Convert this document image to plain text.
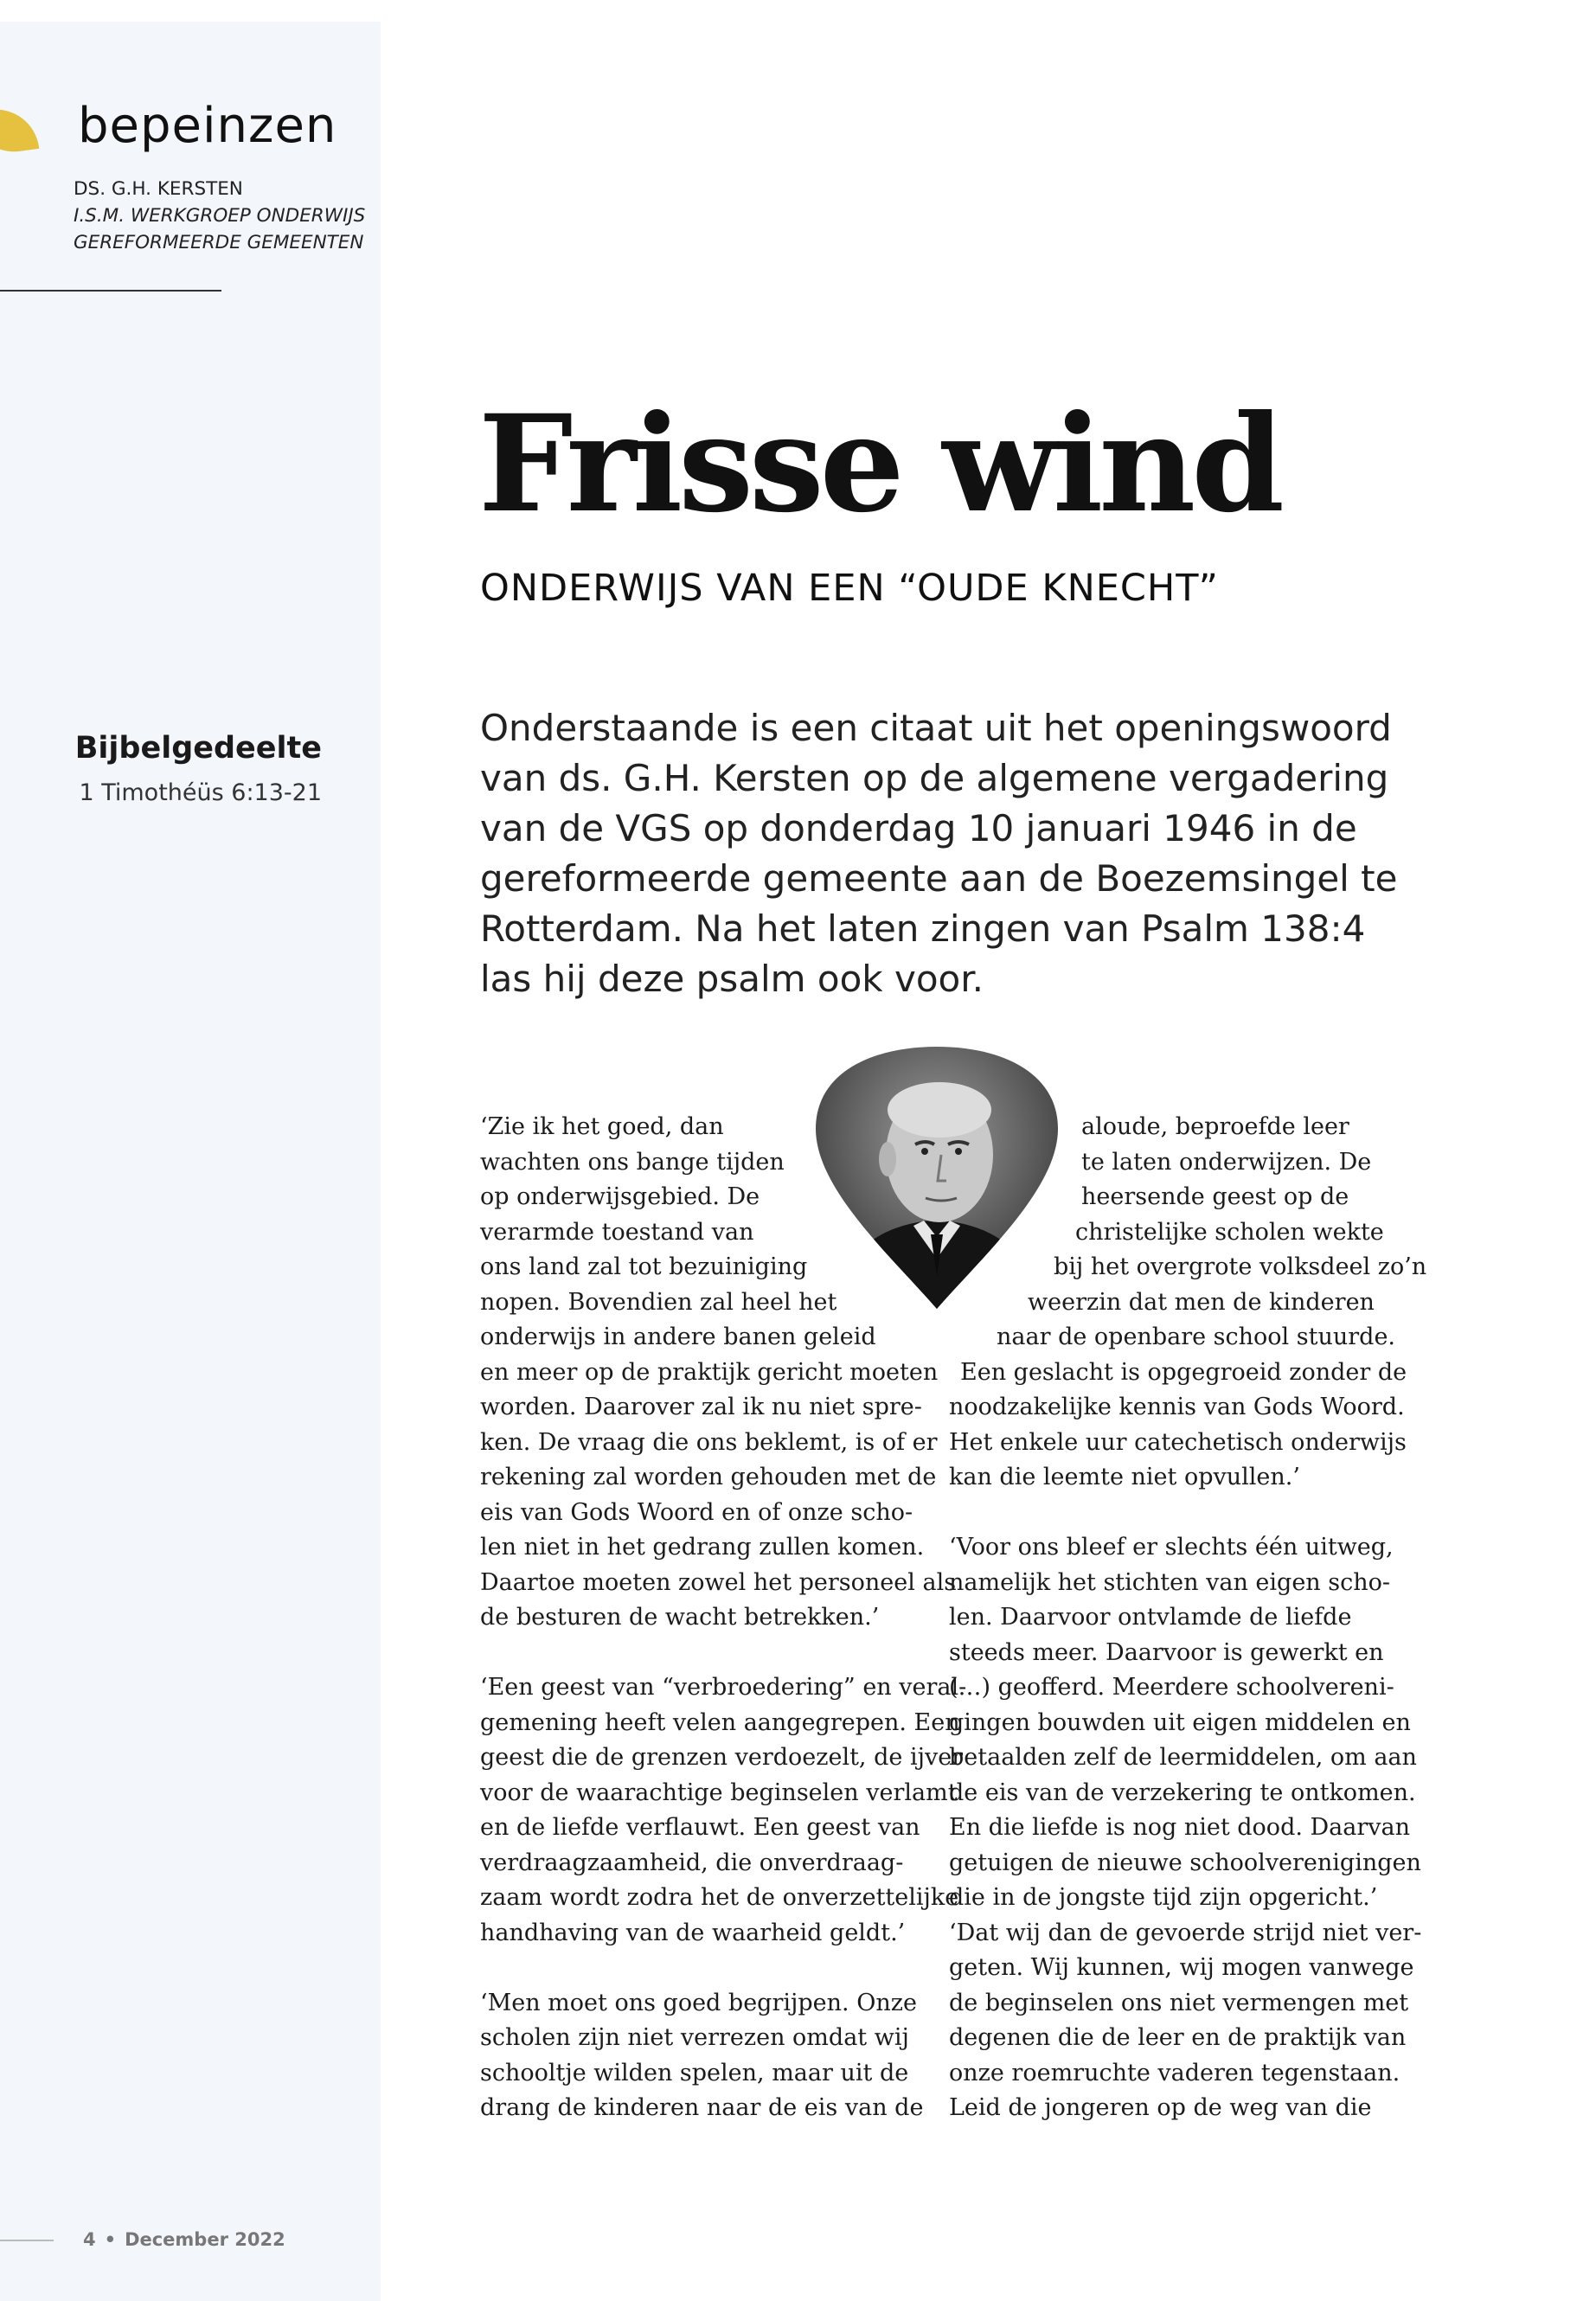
bepeinzen
DS. G.H. KERSTEN
I.S.M. WERKGROEP ONDERWIJS
GEREFORMEERDE GEMEENTEN
Bijbelgedeelte
1 Timothéüs 6:13-21
4 • December 2022
Frisse wind
ONDERWIJS VAN EEN “OUDE KNECHT”
Onderstaande is een citaat uit het openingswoord
van ds. G.H. Kersten op de algemene vergadering
van de VGS op donderdag 10 januari 1946 in de
gereformeerde gemeente aan de Boezemsingel te
Rotterdam. Na het laten zingen van Psalm 138:4
las hij deze psalm ook voor.
‘Zie ik het goed, dan
wachten ons bange tijden
op onderwijsgebied. De
verarmde toestand van
ons land zal tot bezuiniging
nopen. Bovendien zal heel het
onderwijs in andere banen geleid
en meer op de praktijk gericht moeten
worden. Daarover zal ik nu niet spre-
ken. De vraag die ons beklemt, is of er
rekening zal worden gehouden met de
eis van Gods Woord en of onze scho-
len niet in het gedrang zullen komen.
Daartoe moeten zowel het personeel als
de besturen de wacht betrekken.’
‘Een geest van “verbroedering” en veral-
gemening heeft velen aangegrepen. Een
geest die de grenzen verdoezelt, de ijver
voor de waarachtige beginselen verlamt
en de liefde verflauwt. Een geest van
verdraagzaamheid, die onverdraag-
zaam wordt zodra het de onverzettelijke
handhaving van de waarheid geldt.’
‘Men moet ons goed begrijpen. Onze
scholen zijn niet verrezen omdat wij
schooltje wilden spelen, maar uit de
drang de kinderen naar de eis van de
aloude, beproefde leer
te laten onderwijzen. De
heersende geest op de
christelijke scholen wekte
bij het overgrote volksdeel zo’n
weerzin dat men de kinderen
naar de openbare school stuurde.
Een geslacht is opgegroeid zonder de
noodzakelijke kennis van Gods Woord.
Het enkele uur catechetisch onderwijs
kan die leemte niet opvullen.’
‘Voor ons bleef er slechts één uitweg,
namelijk het stichten van eigen scho-
len. Daarvoor ontvlamde de liefde
steeds meer. Daarvoor is gewerkt en
(…) geofferd. Meerdere schoolvereni-
gingen bouwden uit eigen middelen en
betaalden zelf de leermiddelen, om aan
de eis van de verzekering te ontkomen.
En die liefde is nog niet dood. Daarvan
getuigen de nieuwe schoolverenigingen
die in de jongste tijd zijn opgericht.’
‘Dat wij dan de gevoerde strijd niet ver-
geten. Wij kunnen, wij mogen vanwege
de beginselen ons niet vermengen met
degenen die de leer en de praktijk van
onze roemruchte vaderen tegenstaan.
Leid de jongeren op de weg van die
